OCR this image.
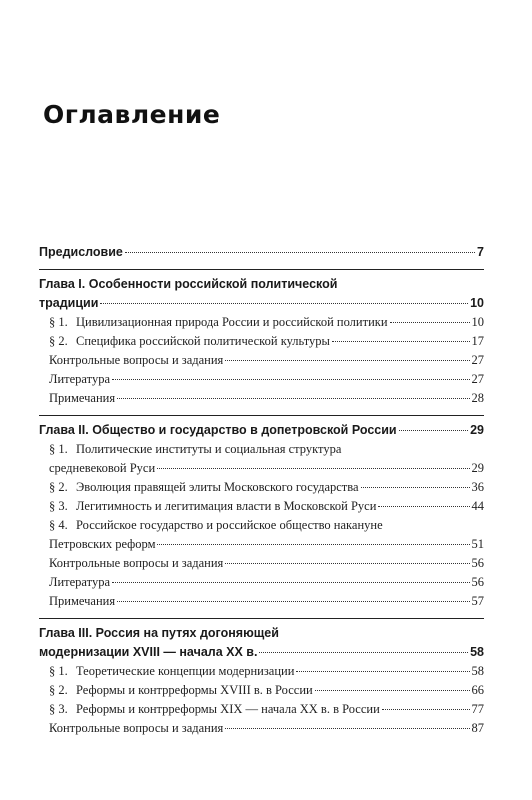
Оглавление
Предисловие	7
Глава I. Особенности российской политической
традиции	10
§ 1. Цивилизационная природа России и российской политики	10
§ 2. Специфика российской политической культуры	17
Контрольные вопросы и задания	27
Литература	27
Примечания	28
Глава II. Общество и государство в допетровской России	29
§ 1. Политические институты и социальная структура
средневековой Руси	29
§ 2. Эволюция правящей элиты Московского государства	36
§ 3. Легитимность и легитимация власти в Московской Руси	44
§ 4. Российское государство и российское общество накануне
Петровских реформ	51
Контрольные вопросы и задания	56
Литература	56
Примечания	57
Глава III. Россия на путях догоняющей
модернизации XVIII — начала XX в.	58
§ 1. Теоретические концепции модернизации	58
§ 2. Реформы и контрреформы XVIII в. в России	66
§ 3. Реформы и контрреформы XIX — начала XX в. в России	77
Контрольные вопросы и задания	87
